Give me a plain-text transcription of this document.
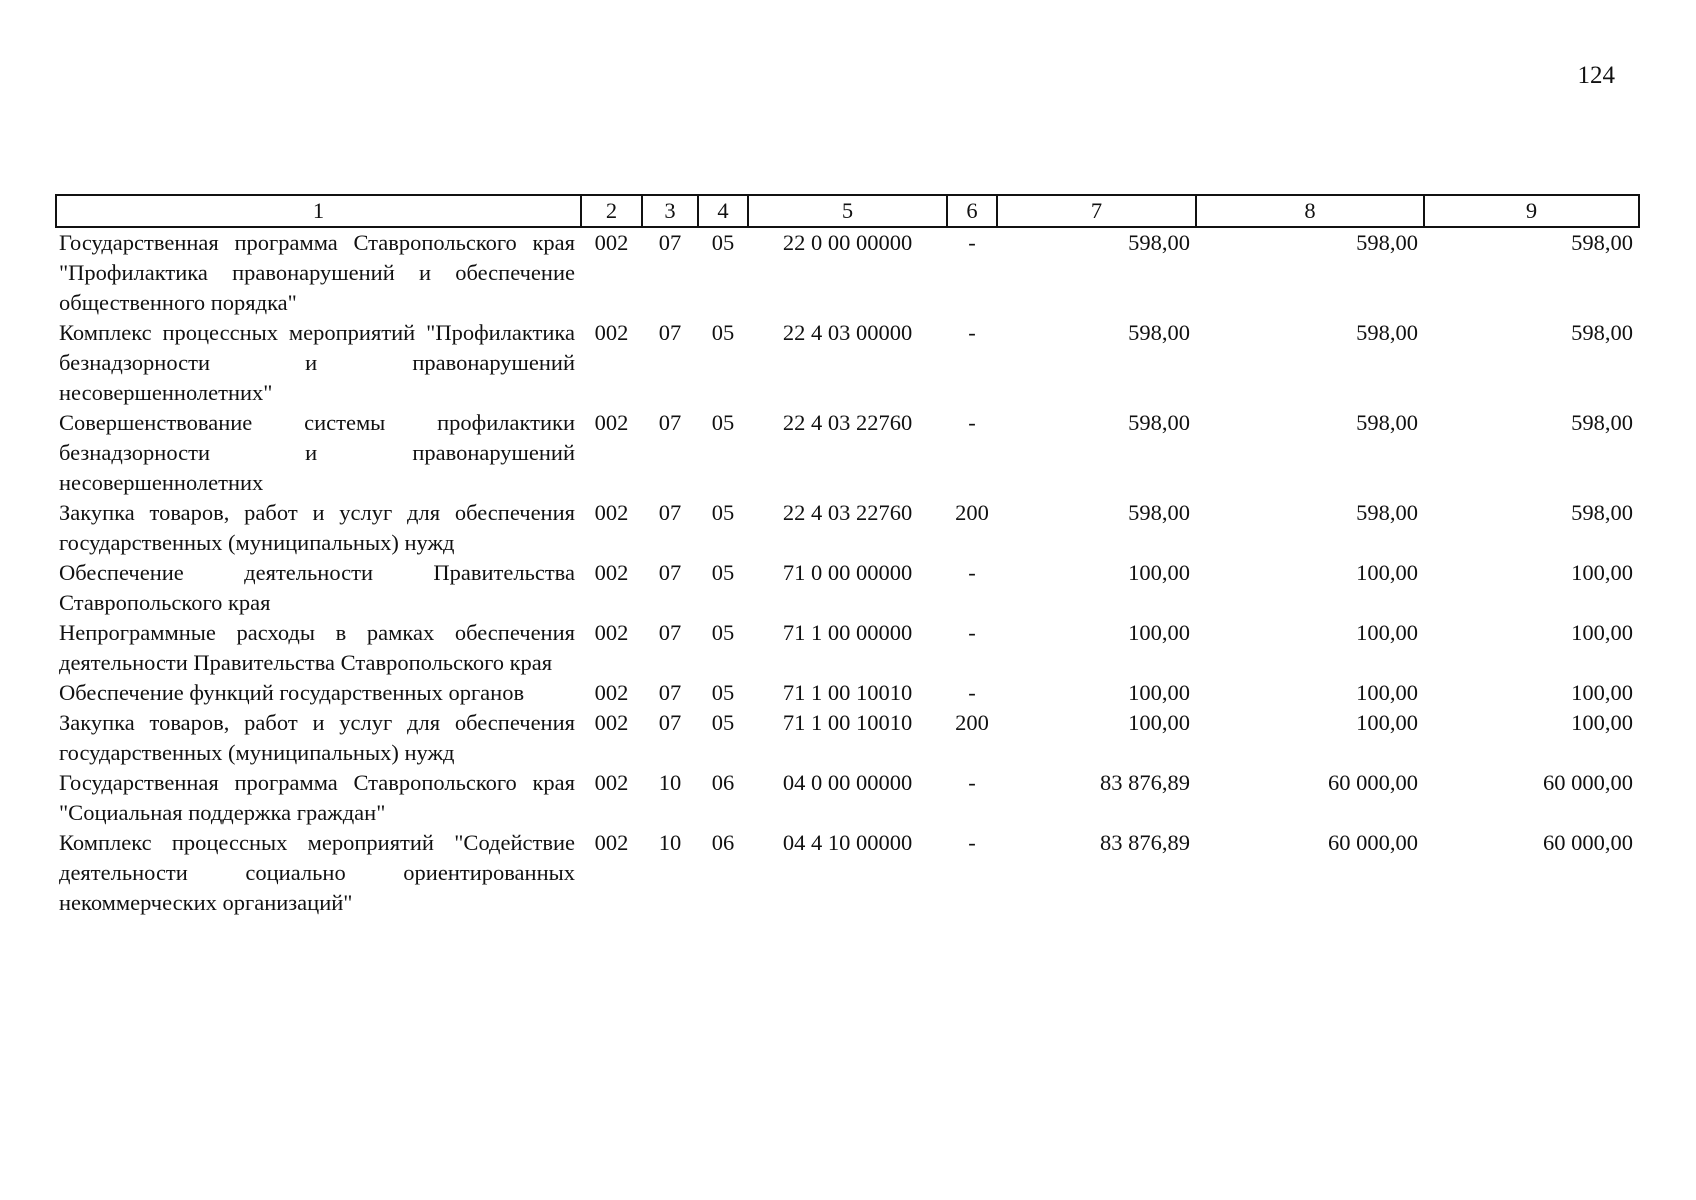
124
1	2	3	4	5	6	7	8	9
Государственная программа Ставропольского края "Профилактика правонарушений и обеспечение общественного порядка"	002	07	05	22 0 00 00000	-	598,00	598,00	598,00
Комплекс процессных мероприятий "Профилактика безнадзорности и правонарушений несовершеннолетних"	002	07	05	22 4 03 00000	-	598,00	598,00	598,00
Совершенствование системы профилактики безнадзорности и правонарушений несовершеннолетних	002	07	05	22 4 03 22760	-	598,00	598,00	598,00
Закупка товаров, работ и услуг для обеспечения государственных (муниципальных) нужд	002	07	05	22 4 03 22760	200	598,00	598,00	598,00
Обеспечение деятельности Правительства Ставропольского края	002	07	05	71 0 00 00000	-	100,00	100,00	100,00
Непрограммные расходы в рамках обеспечения деятельности Правительства Ставропольского края	002	07	05	71 1 00 00000	-	100,00	100,00	100,00
Обеспечение функций государственных органов	002	07	05	71 1 00 10010	-	100,00	100,00	100,00
Закупка товаров, работ и услуг для обеспечения государственных (муниципальных) нужд	002	07	05	71 1 00 10010	200	100,00	100,00	100,00
Государственная программа Ставропольского края "Социальная поддержка граждан"	002	10	06	04 0 00 00000	-	83 876,89	60 000,00	60 000,00
Комплекс процессных мероприятий "Содействие деятельности социально ориентированных некоммерческих организаций"	002	10	06	04 4 10 00000	-	83 876,89	60 000,00	60 000,00
